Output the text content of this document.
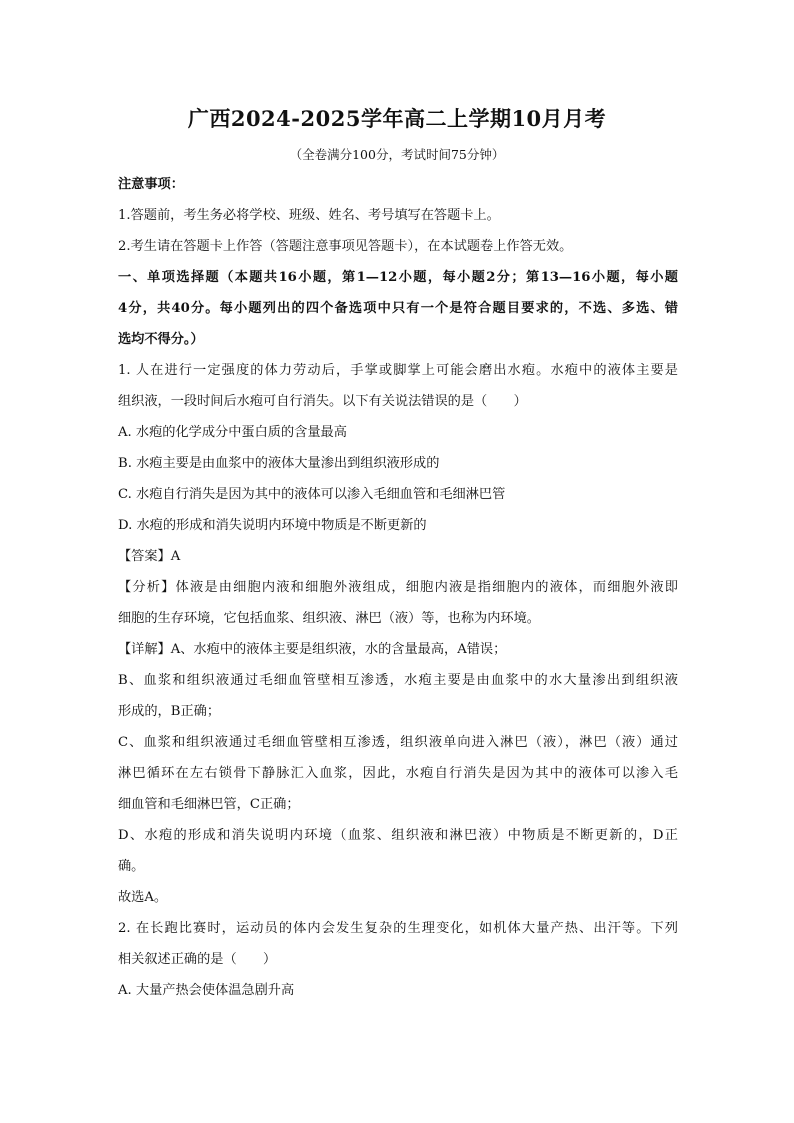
广西2024-2025学年高二上学期10月月考
（全卷满分100分，考试时间75分钟）
注意事项：
1.答题前，考生务必将学校、班级、姓名、考号填写在答题卡上。
2.考生请在答题卡上作答（答题注意事项见答题卡），在本试题卷上作答无效。
一、单项选择题（本题共16小题，第1—12小题，每小题2分；第13—16小题，每小题
4分，共40分。每小题列出的四个备选项中只有一个是符合题目要求的，不选、多选、错
选均不得分。）
1. 人在进行一定强度的体力劳动后，手掌或脚掌上可能会磨出水疱。水疱中的液体主要是
组织液，一段时间后水疱可自行消失。以下有关说法错误的是（　　）
A. 水疱的化学成分中蛋白质的含量最高
B. 水疱主要是由血浆中的液体大量渗出到组织液形成的
C. 水疱自行消失是因为其中的液体可以渗入毛细血管和毛细淋巴管
D. 水疱的形成和消失说明内环境中物质是不断更新的
【答案】A
【分析】体液是由细胞内液和细胞外液组成，细胞内液是指细胞内的液体，而细胞外液即
细胞的生存环境，它包括血浆、组织液、淋巴（液）等，也称为内环境。
【详解】A、水疱中的液体主要是组织液，水的含量最高，A错误；
B、血浆和组织液通过毛细血管壁相互渗透，水疱主要是由血浆中的水大量渗出到组织液
形成的，B正确；
C、血浆和组织液通过毛细血管壁相互渗透，组织液单向进入淋巴（液），淋巴（液）通过
淋巴循环在左右锁骨下静脉汇入血浆，因此，水疱自行消失是因为其中的液体可以渗入毛
细血管和毛细淋巴管，C正确；
D、水疱的形成和消失说明内环境（血浆、组织液和淋巴液）中物质是不断更新的，D正
确。
故选A。
2. 在长跑比赛时，运动员的体内会发生复杂的生理变化，如机体大量产热、出汗等。下列
相关叙述正确的是（　　）
A. 大量产热会使体温急剧升高
